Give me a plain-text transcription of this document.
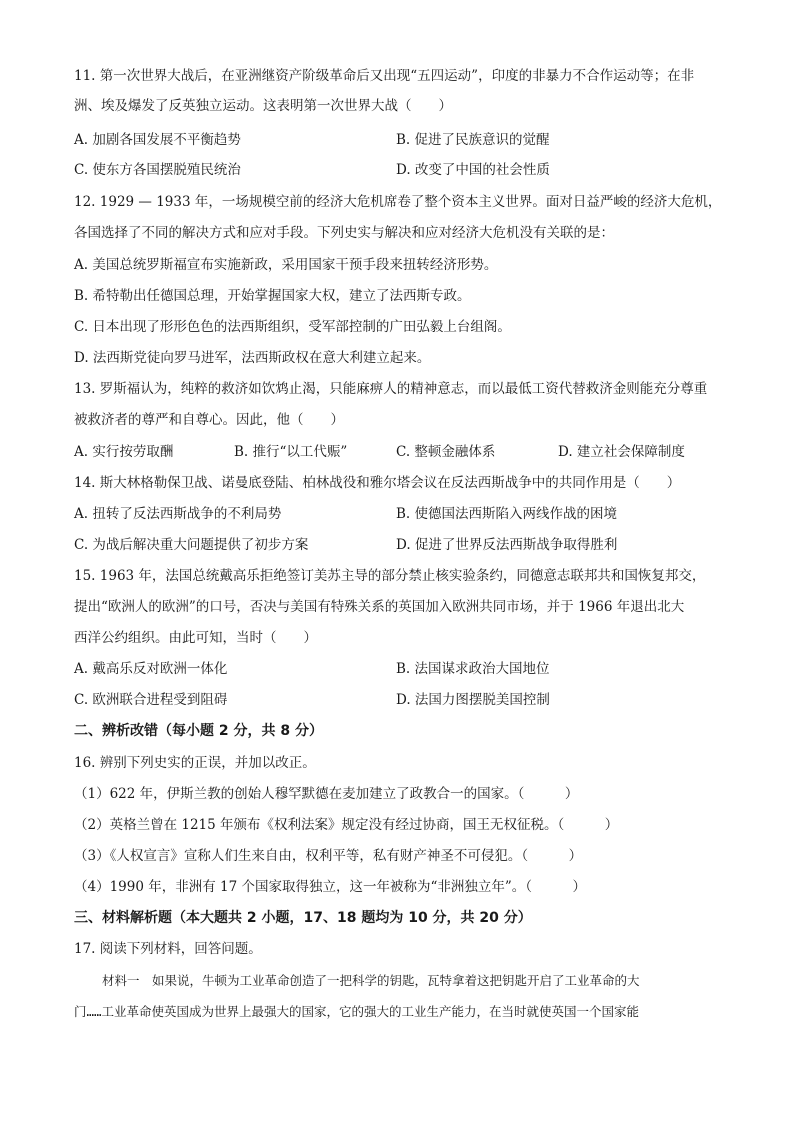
11. 第一次世界大战后，在亚洲继资产阶级革命后又出现“五四运动”，印度的非暴力不合作运动等；在非
洲、埃及爆发了反英独立运动。这表明第一次世界大战（　　）
A. 加剧各国发展不平衡趋势	B. 促进了民族意识的觉醒
C. 使东方各国摆脱殖民统治	D. 改变了中国的社会性质
12. 1929 — 1933 年，一场规模空前的经济大危机席卷了整个资本主义世界。面对日益严峻的经济大危机，
各国选择了不同的解决方式和应对手段。下列史实与解决和应对经济大危机没有关联的是：
A. 美国总统罗斯福宣布实施新政，采用国家干预手段来扭转经济形势。
B. 希特勒出任德国总理，开始掌握国家大权，建立了法西斯专政。
C. 日本出现了形形色色的法西斯组织，受军部控制的广田弘毅上台组阁。
D. 法西斯党徒向罗马进军，法西斯政权在意大利建立起来。
13. 罗斯福认为，纯粹的救济如饮鸩止渴，只能麻痹人的精神意志，而以最低工资代替救济金则能充分尊重
被救济者的尊严和自尊心。因此，他（　　）
A. 实行按劳取酬	B. 推行“以工代赈”	C. 整顿金融体系	D. 建立社会保障制度
14. 斯大林格勒保卫战、诺曼底登陆、柏林战役和雅尔塔会议在反法西斯战争中的共同作用是（　　）
A. 扭转了反法西斯战争的不利局势	B. 使德国法西斯陷入两线作战的困境
C. 为战后解决重大问题提供了初步方案	D. 促进了世界反法西斯战争取得胜利
15. 1963 年，法国总统戴高乐拒绝签订美苏主导的部分禁止核实验条约，同德意志联邦共和国恢复邦交，
提出“欧洲人的欧洲”的口号，否决与美国有特殊关系的英国加入欧洲共同市场，并于 1966 年退出北大
西洋公约组织。由此可知，当时（　　）
A. 戴高乐反对欧洲一体化	B. 法国谋求政治大国地位
C. 欧洲联合进程受到阻碍	D. 法国力图摆脱美国控制
二、辨析改错（每小题 2 分，共 8 分）
16. 辨别下列史实的正误，并加以改正。
（1）622 年，伊斯兰教的创始人穆罕默德在麦加建立了政教合一的国家。（　　　）
（2）英格兰曾在 1215 年颁布《权利法案》规定没有经过协商，国王无权征税。（　　　）
（3）《人权宣言》宣称人们生来自由，权利平等，私有财产神圣不可侵犯。（　　　）
（4）1990 年，非洲有 17 个国家取得独立，这一年被称为“非洲独立年”。（　　　）
三、材料解析题（本大题共 2 小题，17、18 题均为 10 分，共 20 分）
17. 阅读下列材料，回答问题。
材料一　如果说，牛顿为工业革命创造了一把科学的钥匙，瓦特拿着这把钥匙开启了工业革命的大
门……工业革命使英国成为世界上最强大的国家，它的强大的工业生产能力，在当时就使英国一个国家能
